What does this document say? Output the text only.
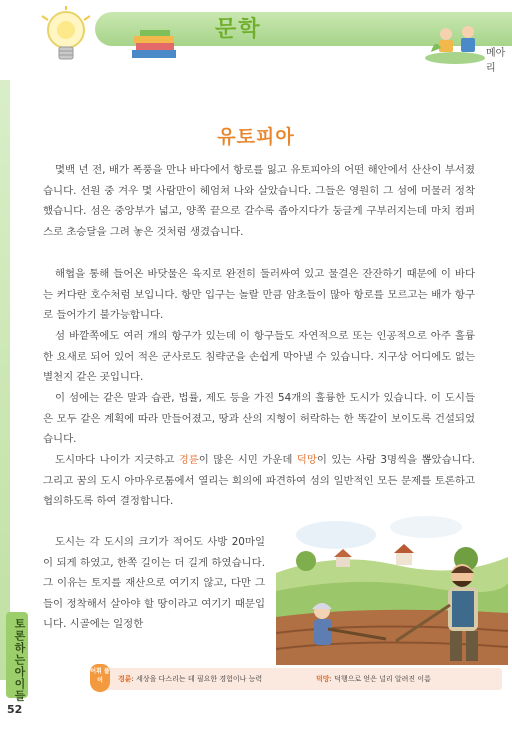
문학
메아리
토론하는아이들
52
유토피아

몇백 년 전, 배가 폭풍을 만나 바다에서 항로를 잃고 유토피아의 어떤 해안에서 산산이 부서졌습니다. 선원 중 겨우 몇 사람만이 헤엄쳐 나와 살았습니다. 그들은 영원히 그 섬에 머물러 정착했습니다. 섬은 중앙부가 넓고, 양쪽 끝으로 갈수록 좁아지다가 둥글게 구부러지는데 마치 컴퍼스로 초승달을 그려 놓은 것처럼 생겼습니다.

해협을 통해 들어온 바닷물은 육지로 완전히 둘러싸여 있고 물결은 잔잔하기 때문에 이 바다는 커다란 호수처럼 보입니다. 항만 입구는 놀랄 만큼 암초들이 많아 항로를 모르고는 배가 항구로 들어가기 불가능합니다.

섬 바깥쪽에도 여러 개의 항구가 있는데 이 항구들도 자연적으로 또는 인공적으로 아주 훌륭한 요새로 되어 있어 적은 군사로도 침략군을 손쉽게 막아낼 수 있습니다. 지구상 어디에도 없는 별천지 같은 곳입니다.

이 섬에는 같은 말과 습관, 법률, 제도 등을 가진 54개의 훌륭한 도시가 있습니다. 이 도시들은 모두 같은 계획에 따라 만들어졌고, 땅과 산의 지형이 허락하는 한 똑같이 보이도록 건설되었습니다.

도시마다 나이가 지긋하고 경륜이 많은 시민 가운데 덕망이 있는 사람 3명씩을 뽑았습니다. 그리고 꿈의 도시 아마우로툼에서 열리는 회의에 파견하여 섬의 일반적인 모든 문제를 토론하고 협의하도록 하여 결정합니다.

도시는 각 도시의 크기가 적어도 사방 20마일이 되게 하였고, 한쪽 길이는 더 길게 하였습니다. 그 이유는 토지를 재산으로 여기지 않고, 다만 그들이 정착해서 살아야 할 땅이라고 여기기 때문입니다. 시골에는 일정한

어휘 풀이	경륜: 세상을 다스리는 데 필요한 경험이나 능력	덕망: 덕행으로 얻은 널리 알려진 이름
